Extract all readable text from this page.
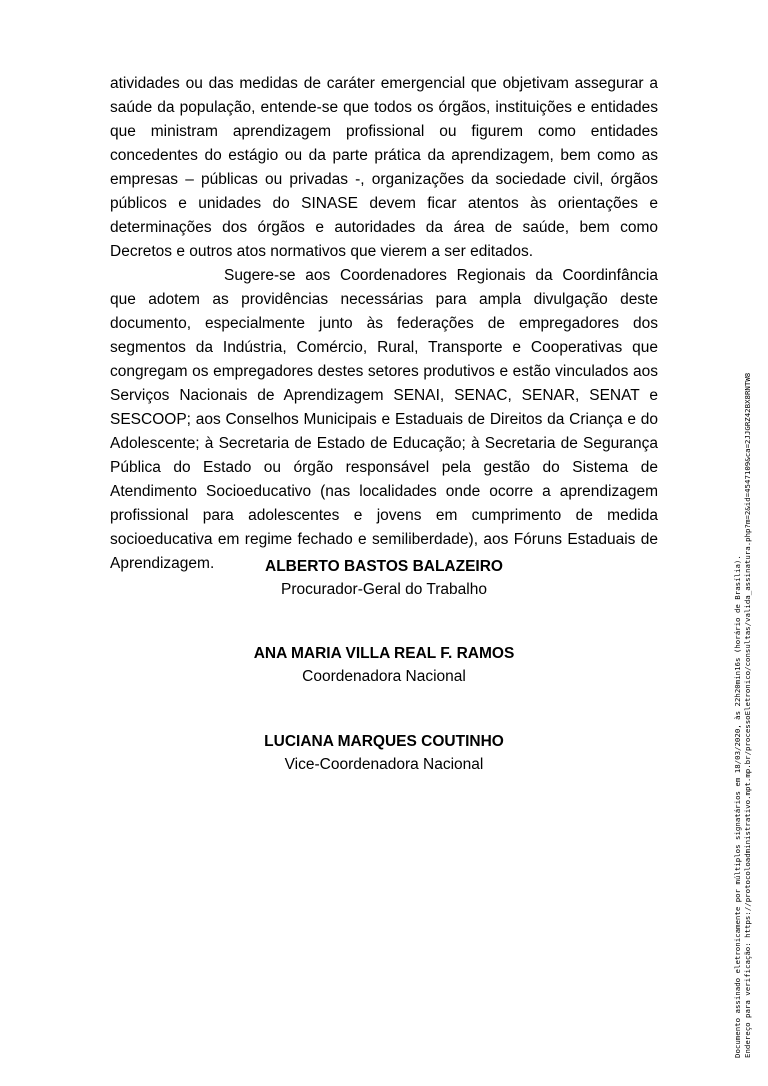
atividades ou das medidas de caráter emergencial que objetivam assegurar a saúde da população, entende-se que todos os órgãos, instituições e entidades que ministram aprendizagem profissional ou figurem como entidades concedentes do estágio ou da parte prática da aprendizagem, bem como as empresas – públicas ou privadas -, organizações da sociedade civil, órgãos públicos e unidades do SINASE devem ficar atentos às orientações e determinações dos órgãos e autoridades da área de saúde, bem como Decretos e outros atos normativos que vierem a ser editados.

Sugere-se aos Coordenadores Regionais da Coordinfância que adotem as providências necessárias para ampla divulgação deste documento, especialmente junto às federações de empregadores dos segmentos da Indústria, Comércio, Rural, Transporte e Cooperativas que congregam os empregadores destes setores produtivos e estão vinculados aos Serviços Nacionais de Aprendizagem SENAI, SENAC, SENAR, SENAT e SESCOOP; aos Conselhos Municipais e Estaduais de Direitos da Criança e do Adolescente; à Secretaria de Estado de Educação; à Secretaria de Segurança Pública do Estado ou órgão responsável pela gestão do Sistema de Atendimento Socioeducativo (nas localidades onde ocorre a aprendizagem profissional para adolescentes e jovens em cumprimento de medida socioeducativa em regime fechado e semiliberdade), aos Fóruns Estaduais de Aprendizagem.	ALBERTO BASTOS BALAZEIRO
Procurador-Geral do Trabalho
ANA MARIA VILLA REAL F. RAMOS
Coordenadora Nacional
LUCIANA MARQUES COUTINHO
Vice-Coordenadora Nacional	Documento assinado eletronicamente por múltiplos signatários em 18/03/2020, às 22h20min16s (horário de Brasília). Endereço para verificação: https://protocoloadministrativo.mpt.mp.br/processoEletronico/consultas/valida_assinatura.php?m=2&id=4547109&ca=2JJGRZ42BX8RNTW8
